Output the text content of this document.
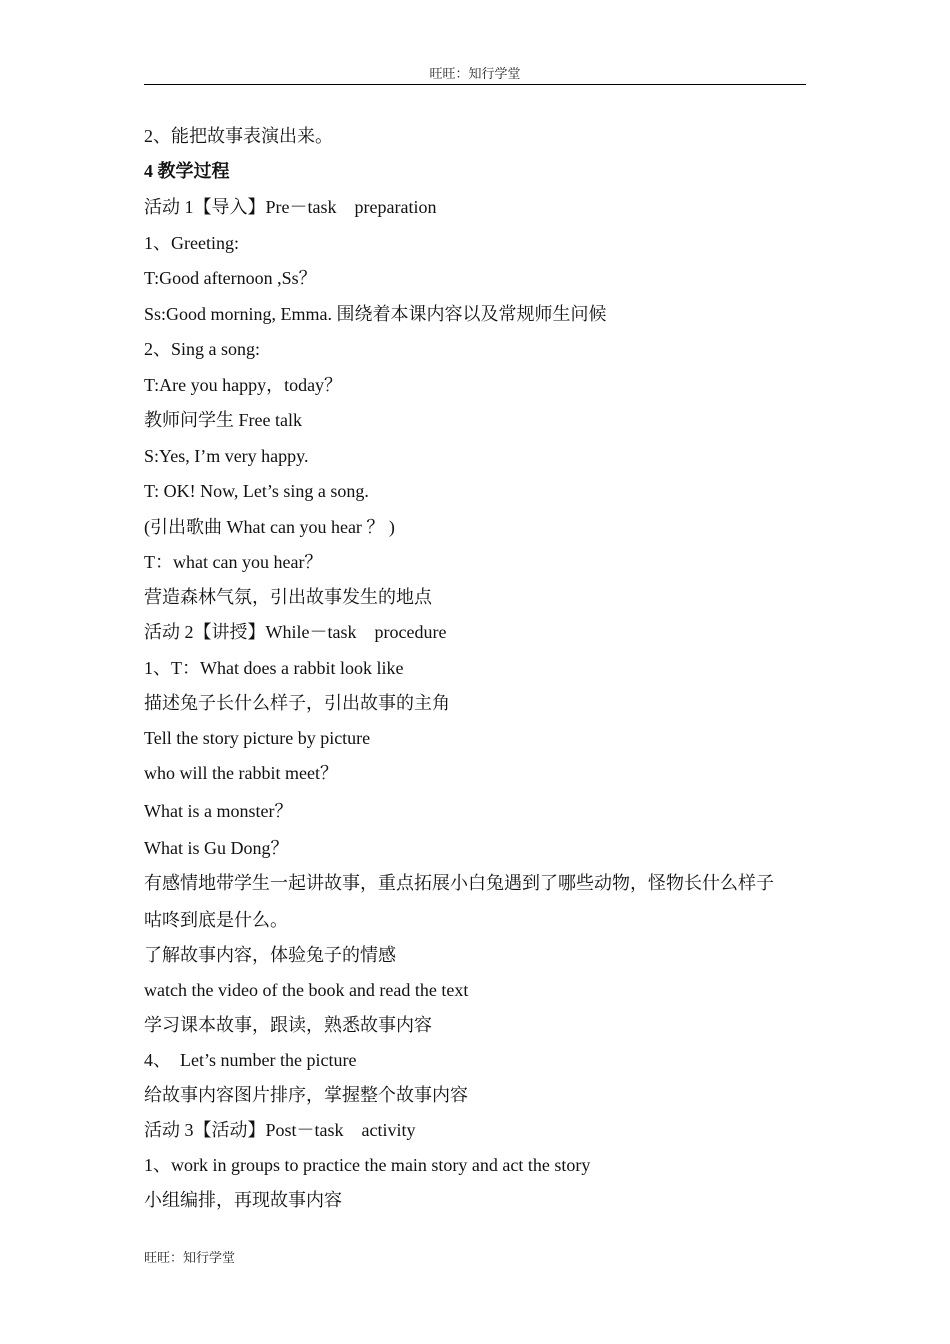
旺旺：知行学堂
2、能把故事表演出来。
4 教学过程
活动 1【导入】Pre－task　preparation
1、Greeting:
T:Good afternoon ,Ss？
Ss:Good morning, Emma. 围绕着本课内容以及常规师生问候
2、Sing a song:
T:Are you happy，today？
教师问学生 Free talk
S:Yes, I’m very happy.
T: OK! Now, Let’s sing a song.
(引出歌曲 What can you hear ？ )
T：what can you hear？
营造森林气氛，引出故事发生的地点
活动 2【讲授】While－task　procedure
1、T：What does a rabbit look like
描述兔子长什么样子，引出故事的主角
Tell the story picture by picture
who will the rabbit meet？
What is a monster？
What is Gu Dong？
有感情地带学生一起讲故事，重点拓展小白兔遇到了哪些动物，怪物长什么样子
咕咚到底是什么。
了解故事内容，体验兔子的情感
watch the video of the book and read the text
学习课本故事，跟读，熟悉故事内容
4、　Let’s number the picture
给故事内容图片排序，掌握整个故事内容
活动 3【活动】Post－task　activity
1、work in groups to practice the main story and act the story
小组编排，再现故事内容
旺旺：知行学堂
